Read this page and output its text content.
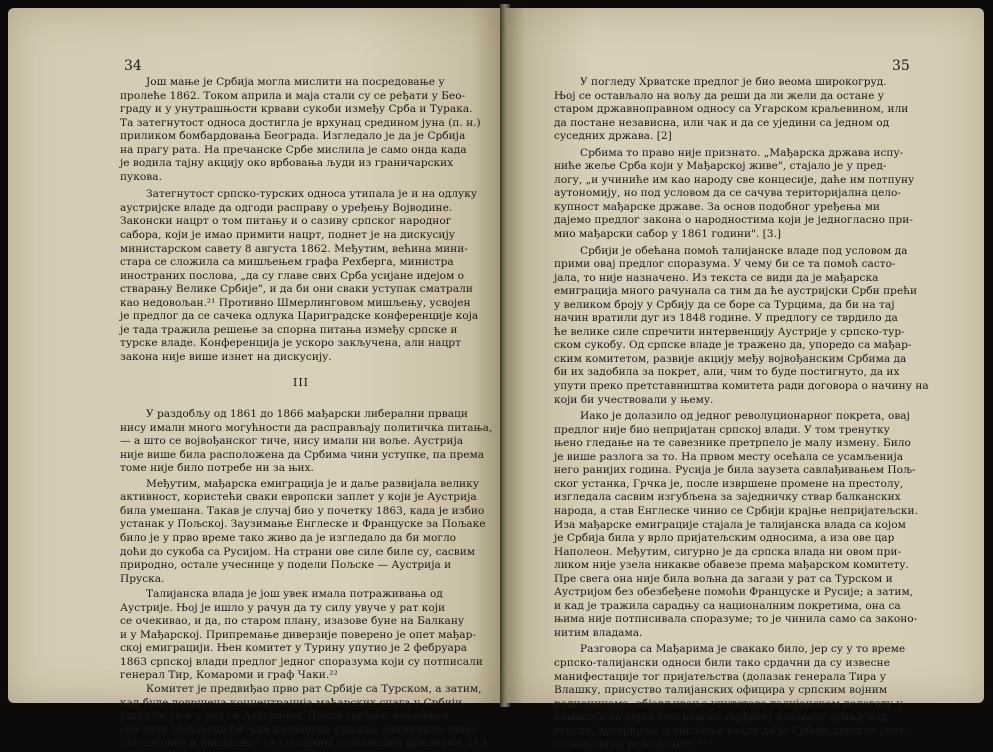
34
Још мање је Србија могла мислити на посредовање у
пролеће 1862. Током априла и маја стали су се ређати у Бео-
граду и у унутрашњости крвави сукоби између Срба и Турака.
Та затегнутост односа достигла је врхунац средином јуна (п. н.)
приликом бомбардовања Београда. Изгледало је да је Србија
на прагу рата. На пречанске Србе мислила је само онда када
је водила тајну акцију око врбовања људи из граничарских
пукова.
Затегнутост српско-турских односа утипала је и на одлуку
аустријске владе да одгоди расправу о уређењу Војводине.
Законски нацрт о том питању и о сазиву српског народног
сабора, који је имао примити нацрт, поднет је на дискусију
министарском савету 8 августа 1862. Међутим, већина мини-
стара се сложила са мишљењем графа Рехберга, министра
иностраних послова, „да су главе свих Срба усијане идејом о
стварању Велике Србије", и да би они сваки уступак сматрали
као недовољан.²¹ Противно Шмерлинговом мишљењу, усвојен
је предлог да се сачека одлука Цариградске конференције која
је тада тражила решење за спорна питања између српске и
турске владе. Конференција је ускоро закључена, али нацрт
закона није више изнет на дискусију.
III
У раздобљу од 1861 до 1866 мађарски либерални прваци
нису имали много могућности да расправљају политичка питања,
— а што се војвођанског тиче, нису имали ни воље. Аустрија
није више била расположена да Србима чини уступке, па према
томе није било потребе ни за њих.
Међутим, мађарска емиграција је и даље развијала велику
активност, користећи сваки европски заплет у који је Аустрија
била умешана. Такав је случај био у почетку 1863, када је избио
устанак у Пољској. Заузимање Енглеске и Француске за Пољаке
било је у прво време тако живо да је изгледало да би могло
доћи до сукоба са Русијом. На страни ове силе биле су, сасвим
природно, остале учеснице у подели Пољске — Аустрија и
Пруска.
Талијанска влада је још увек имала потраживања од
Аустрије. Њој је ишло у рачун да ту силу увуче у рат који
се очекивао, и да, по старом плану, изазове буне на Балкану
и у Мађарској. Припремање диверзије поверено је опет мађар-
ској емиграцији. Њен комитет у Турину упутио је 2 фебруара
1863 српској влади предлог једног споразума који су потписали
генерал Тир, Комароми и граф Чаки.²²
Комитет је предвиђао прво рат Србије са Турском, а затим,
кад буде довршена концентрација мађарских снага у Србији,
ушло би се и у рат са Аустријом. После срећног окончања
оба рата Мађарска би, као независна држава, закључила савез
„за одбрану и нападање" са суседним словенским државама. [1.]
35
У погледу Хрватске предлог је био веома широкогруд.
Њој се остављало на вољу да реши да ли жели да остане у
старом државноправном односу са Угарском краљевином, или
да постане независна, или чак и да се уједини са једном од
суседних држава. [2]
Србима то право није признато. „Мађарска држава испу-
ниће жеље Срба који у Мађарској живе", стајало је у пред-
логу, „и учиниће им као народу све концесије, даће им потпуну
аутономију, но под условом да се сачува територијална цело-
купност мађарске државе. За основ подобног уређења ми
дајемо предлог закона о народностима који је једногласно при-
мио мађарски сабор у 1861 години". [3.]
Србији је обећана помоћ талијанске владе под условом да
прими овај предлог споразума. У чему би се та помоћ састо-
јала, то није назначено. Из текста се види да је мађарска
емиграција много рачунала са тим да ће аустријски Срби прећи
у великом броју у Србију да се боре са Турцима, да би на тај
начин вратили дуг из 1848 године. У предлогу се тврдило да
ће велике силе спречити интервенцију Аустрије у српско-тур-
ском сукобу. Од српске владе је тражено да, упоредо са мађар-
ским комитетом, развије акцију међу војвођанским Србима да
би их задобила за покрет, али, чим то буде постигнуто, да их
упути преко претставништва комитета ради договора о начину на
који би учествовали у њему.
Иако је долазило од једног револуционарног покрета, овај
предлог није био непријатан српској влади. У том тренутку
њено гледање на те савезнике претрпело је малу измену. Било
је више разлога за то. На првом месту осећала се усамљенија
него ранијих година. Русија је била заузета савлађивањем Пољ-
ског устанка, Грчка је, после извршене промене на престолу,
изгледала сасвим изгубљена за заједничку ствар балканских
народа, а став Енглеске чинио се Србији крајње непријатељски.
Иза мађарске емиграције стајала је талијанска влада са којом
је Србија била у врло пријатељским односима, а иза ове цар
Наполеон. Међутим, сигурно је да српска влада ни овом при-
ликом није узела никакве обавезе према мађарском комитету.
Пре свега она није била вољна да загази у рат са Турском и
Аустријом без обезбеђене помоћи Француске и Русије; а затим,
и кад је тражила сарадњу са националним покретима, она са
њима није потписивала споразуме; то је чинила само са законо-
нитим владама.
Разговора са Мађарима је свакако било, јер су у то време
српско-талијански односи били тако срдачни да су извесне
манифестације тог пријатељства (долазак генерала Тира у
Влашку, присуство талијанских официра у српским војним
радионицама, објављивање упутстава талијанском делегату у
комисији за рејон београдске тврђаве) изазвале сумњу код
турске, аустријске и енглеске владе да је Србија пришла „пот-
паљивачима револуције".²³
